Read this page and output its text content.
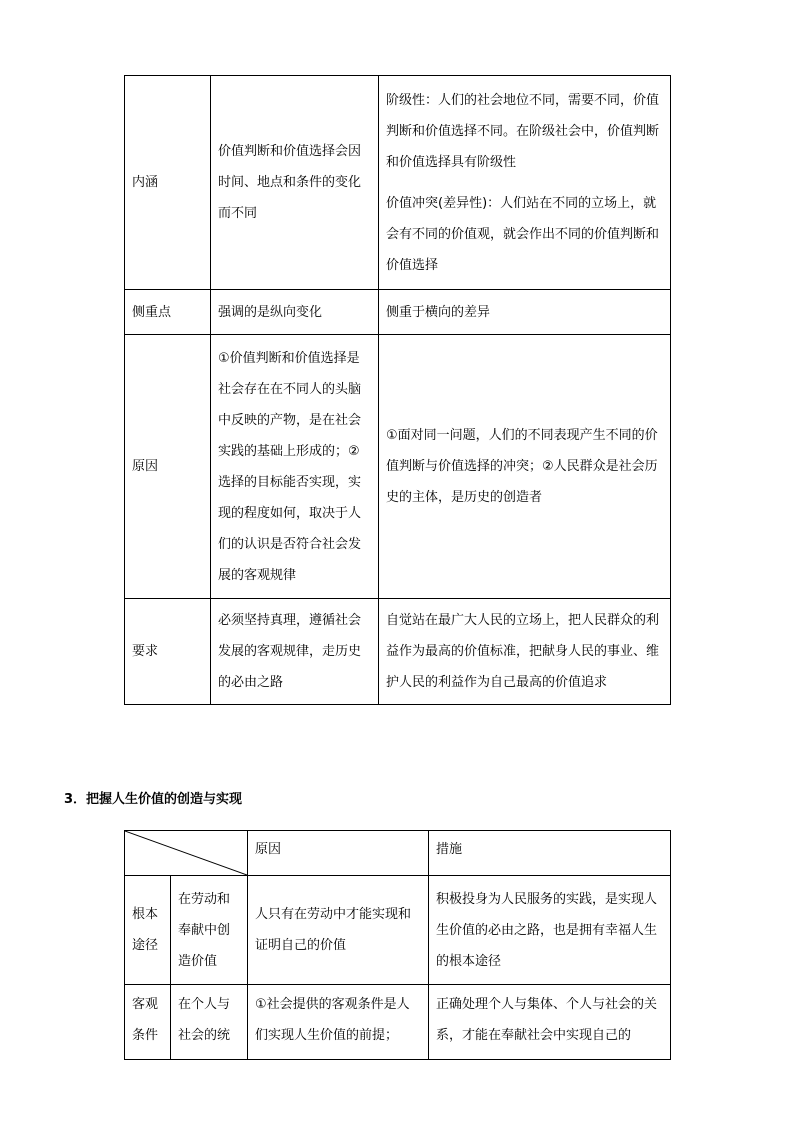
内涵	价值判断和价值选择会因时间、地点和条件的变化而不同	阶级性：人们的社会地位不同，需要不同，价值判断和价值选择不同。在阶级社会中，价值判断和价值选择具有阶级性

价值冲突(差异性)：人们站在不同的立场上，就会有不同的价值观，就会作出不同的价值判断和价值选择

侧重点	强调的是纵向变化	侧重于横向的差异

原因	①价值判断和价值选择是社会存在在不同人的头脑中反映的产物，是在社会实践的基础上形成的；②选择的目标能否实现，实现的程度如何，取决于人们的认识是否符合社会发展的客观规律	①面对同一问题，人们的不同表现产生不同的价值判断与价值选择的冲突；②人民群众是社会历史的主体，是历史的创造者

要求	必须坚持真理，遵循社会发展的客观规律，走历史的必由之路	自觉站在最广大人民的立场上，把人民群众的利益作为最高的价值标准，把献身人民的事业、维护人民的利益作为自己最高的价值追求

3．把握人生价值的创造与实现

	原因	措施
根本途径	在劳动和奉献中创造价值	人只有在劳动中才能实现和证明自己的价值	积极投身为人民服务的实践，是实现人生价值的必由之路，也是拥有幸福人生的根本途径
客观条件	在个人与社会的统	①社会提供的客观条件是人们实现人生价值的前提；	正确处理个人与集体、个人与社会的关系，才能在奉献社会中实现自己的
